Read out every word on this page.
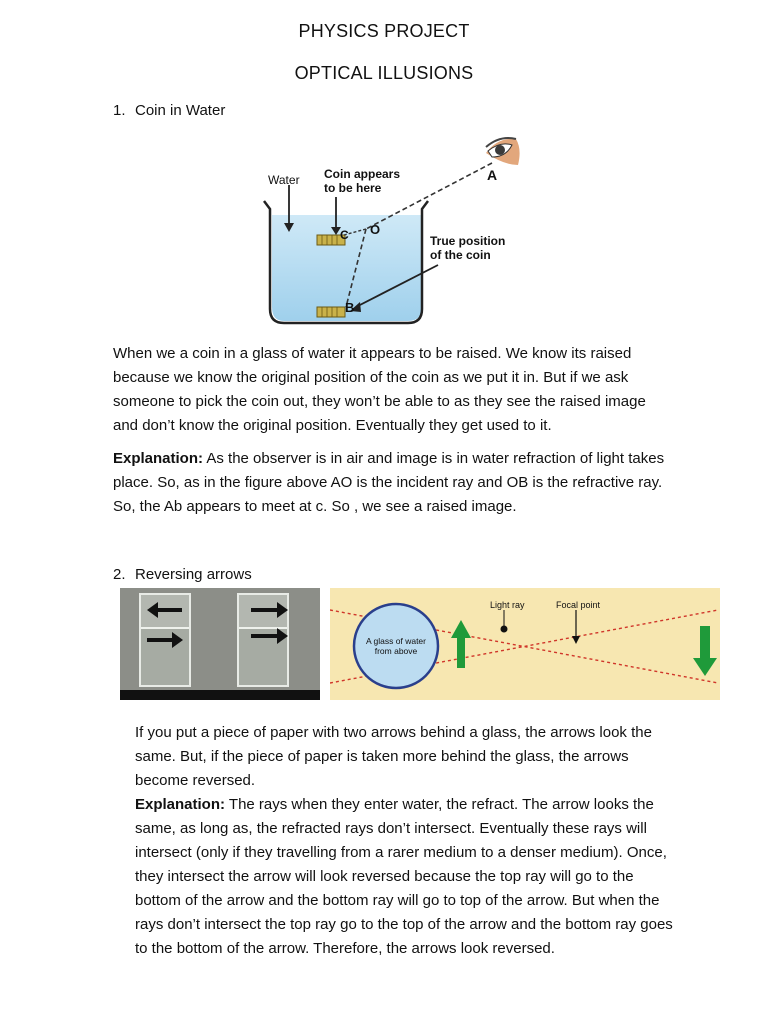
PHYSICS PROJECT
OPTICAL ILLUSIONS
1. Coin in Water
Water Coin appears
to be here
True position
of the coin
A
O
C
B

When we a coin in a glass of water it appears to be raised. We know its raised because we know the original position of the coin as we put it in. But if we ask someone to pick the coin out, they won’t be able to as they see the raised image and don’t know the original position. Eventually they get used to it.

Explanation: As the observer is in air and image is in water refraction of light takes place. So, as in the figure above AO is the incident ray and OB is the refractive ray. So, the Ab appears to meet at c. So , we see a raised image.

2. Reversing arrows
Light ray	Focal point
A glass of water
from above

If you put a piece of paper with two arrows behind a glass, the arrows look the same. But, if the piece of paper is taken more behind the glass, the arrows become reversed.

Explanation: The rays when they enter water, the refract. The arrow looks the same, as long as, the refracted rays don’t intersect. Eventually these rays will intersect (only if they travelling from a rarer medium to a denser medium). Once, they intersect the arrow will look reversed because the top ray will go to the bottom of the arrow and the bottom ray will go to top of the arrow. But when the rays don’t intersect the top ray go to the top of the arrow and the bottom ray goes to the bottom of the arrow. Therefore, the arrows look reversed.
